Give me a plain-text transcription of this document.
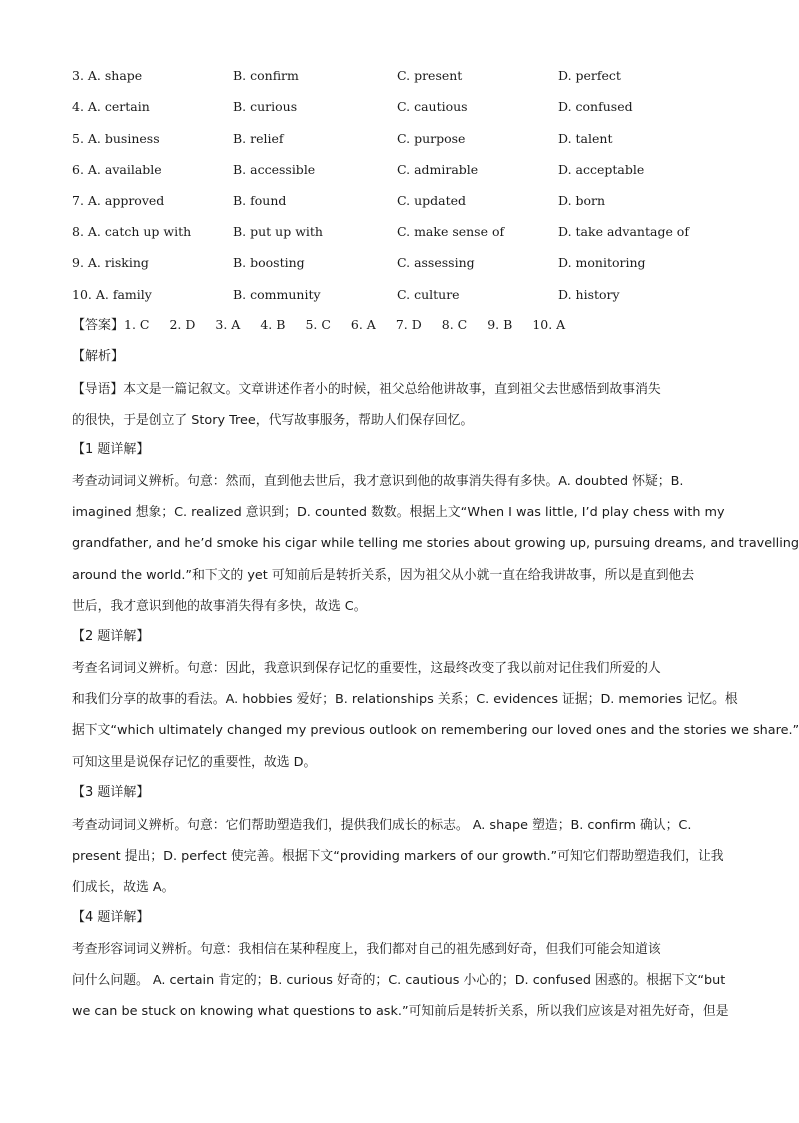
3. A. shape	B. confirm	C. present	D. perfect
4. A. certain	B. curious	C. cautious	D. confused
5. A. business	B. relief	C. purpose	D. talent
6. A. available	B. accessible	C. admirable	D. acceptable
7. A. approved	B. found	C. updated	D. born
8. A. catch up with	B. put up with	C. make sense of	D. take advantage of
9. A. risking	B. boosting	C. assessing	D. monitoring
10. A. family	B. community	C. culture	D. history
【答案】1. C 2. D 3. A 4. B 5. C 6. A 7. D 8. C 9. B 10. A
【解析】
【导语】本文是一篇记叙文。文章讲述作者小的时候，祖父总给他讲故事，直到祖父去世感悟到故事消失
的很快，于是创立了 Story Tree，代写故事服务，帮助人们保存回忆。
【1 题详解】
考查动词词义辨析。句意：然而，直到他去世后，我才意识到他的故事消失得有多快。A. doubted 怀疑；B.
imagined 想象；C. realized 意识到；D. counted 数数。根据上文“When I was little, I’d play chess with my
grandfather, and he’d smoke his cigar while telling me stories about growing up, pursuing dreams, and travelling
around the world.”和下文的 yet 可知前后是转折关系，因为祖父从小就一直在给我讲故事，所以是直到他去
世后，我才意识到他的故事消失得有多快，故选 C。
【2 题详解】
考查名词词义辨析。句意：因此，我意识到保存记忆的重要性，这最终改变了我以前对记住我们所爱的人
和我们分享的故事的看法。A. hobbies 爱好；B. relationships 关系；C. evidences 证据；D. memories 记忆。根
据下文“which ultimately changed my previous outlook on remembering our loved ones and the stories we share.”
可知这里是说保存记忆的重要性，故选 D。
【3 题详解】
考查动词词义辨析。句意：它们帮助塑造我们，提供我们成长的标志。 A. shape 塑造；B. confirm 确认；C.
present 提出；D. perfect 使完善。根据下文“providing markers of our growth.”可知它们帮助塑造我们，让我
们成长，故选 A。
【4 题详解】
考查形容词词义辨析。句意：我相信在某种程度上，我们都对自己的祖先感到好奇，但我们可能会知道该
问什么问题。 A. certain 肯定的；B. curious 好奇的；C. cautious 小心的；D. confused 困惑的。根据下文“but
we can be stuck on knowing what questions to ask.”可知前后是转折关系，所以我们应该是对祖先好奇，但是
